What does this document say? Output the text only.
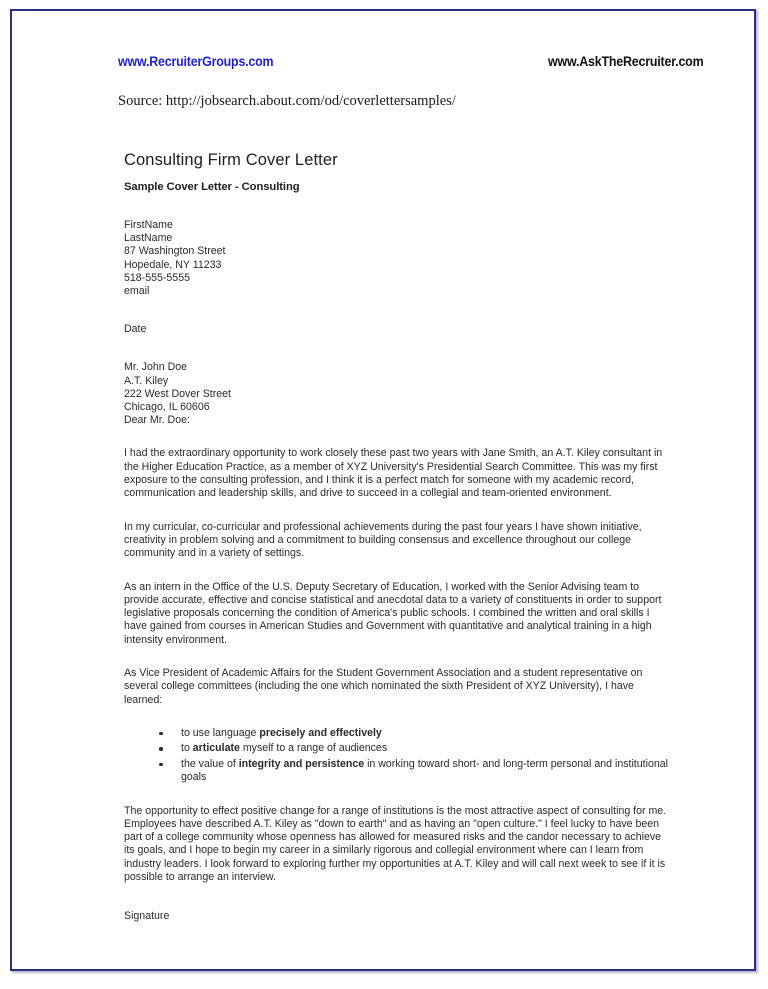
www.RecruiterGroups.com	www.AskTheRecruiter.com
Source: http://jobsearch.about.com/od/coverlettersamples/
Consulting Firm Cover Letter
Sample Cover Letter - Consulting
FirstName
LastName
87 Washington Street
Hopedale, NY 11233
518-555-5555
email
Date
Mr. John Doe
A.T. Kiley
222 West Dover Street
Chicago, IL 60606
Dear Mr. Doe:

I had the extraordinary opportunity to work closely these past two years with Jane Smith, an A.T. Kiley consultant in the Higher Education Practice, as a member of XYZ University's Presidential Search Committee. This was my first exposure to the consulting profession, and I think it is a perfect match for someone with my academic record, communication and leadership skills, and drive to succeed in a collegial and team-oriented environment.

In my curricular, co-curricular and professional achievements during the past four years I have shown initiative, creativity in problem solving and a commitment to building consensus and excellence throughout our college community and in a variety of settings.

As an intern in the Office of the U.S. Deputy Secretary of Education, I worked with the Senior Advising team to provide accurate, effective and concise statistical and anecdotal data to a variety of constituents in order to support legislative proposals concerning the condition of America's public schools. I combined the written and oral skills I have gained from courses in American Studies and Government with quantitative and analytical training in a high intensity environment.

As Vice President of Academic Affairs for the Student Government Association and a student representative on several college committees (including the one which nominated the sixth President of XYZ University), I have learned:

to use language precisely and effectively
to articulate myself to a range of audiences
the value of integrity and persistence in working toward short- and long-term personal and institutional goals

The opportunity to effect positive change for a range of institutions is the most attractive aspect of consulting for me. Employees have described A.T. Kiley as "down to earth" and as having an "open culture." I feel lucky to have been part of a college community whose openness has allowed for measured risks and the candor necessary to achieve its goals, and I hope to begin my career in a similarly rigorous and collegial environment where can I learn from industry leaders. I look forward to exploring further my opportunities at A.T. Kiley and will call next week to see if it is possible to arrange an interview.

Signature
